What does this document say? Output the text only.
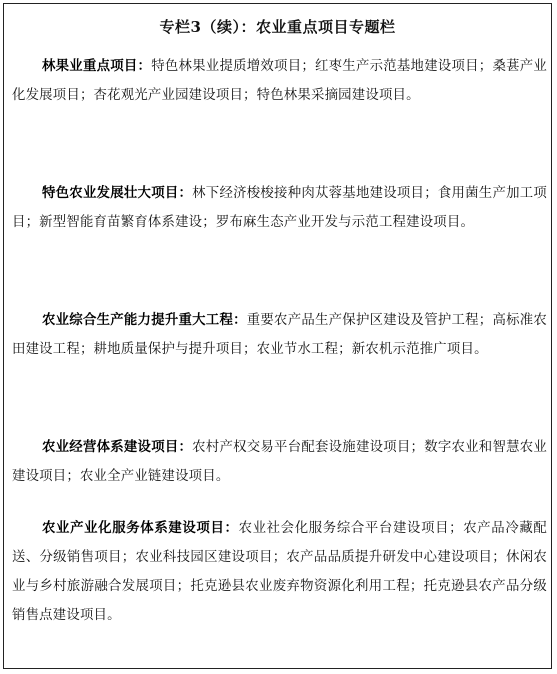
专栏3（续）：农业重点项目专题栏

林果业重点项目：特色林果业提质增效项目；红枣生产示范基地建设项目；桑葚产业化发展项目；杏花观光产业园建设项目；特色林果采摘园建设项目。

特色农业发展壮大项目：林下经济梭梭接种肉苁蓉基地建设项目；食用菌生产加工项目；新型智能育苗繁育体系建设；罗布麻生态产业开发与示范工程建设项目。

农业综合生产能力提升重大工程：重要农产品生产保护区建设及管护工程；高标准农田建设工程；耕地质量保护与提升项目；农业节水工程；新农机示范推广项目。

农业经营体系建设项目：农村产权交易平台配套设施建设项目；数字农业和智慧农业建设项目；农业全产业链建设项目。

农业产业化服务体系建设项目：农业社会化服务综合平台建设项目；农产品冷藏配送、分级销售项目；农业科技园区建设项目；农产品品质提升研发中心建设项目；休闲农业与乡村旅游融合发展项目；托克逊县农业废弃物资源化利用工程；托克逊县农产品分级销售点建设项目。
